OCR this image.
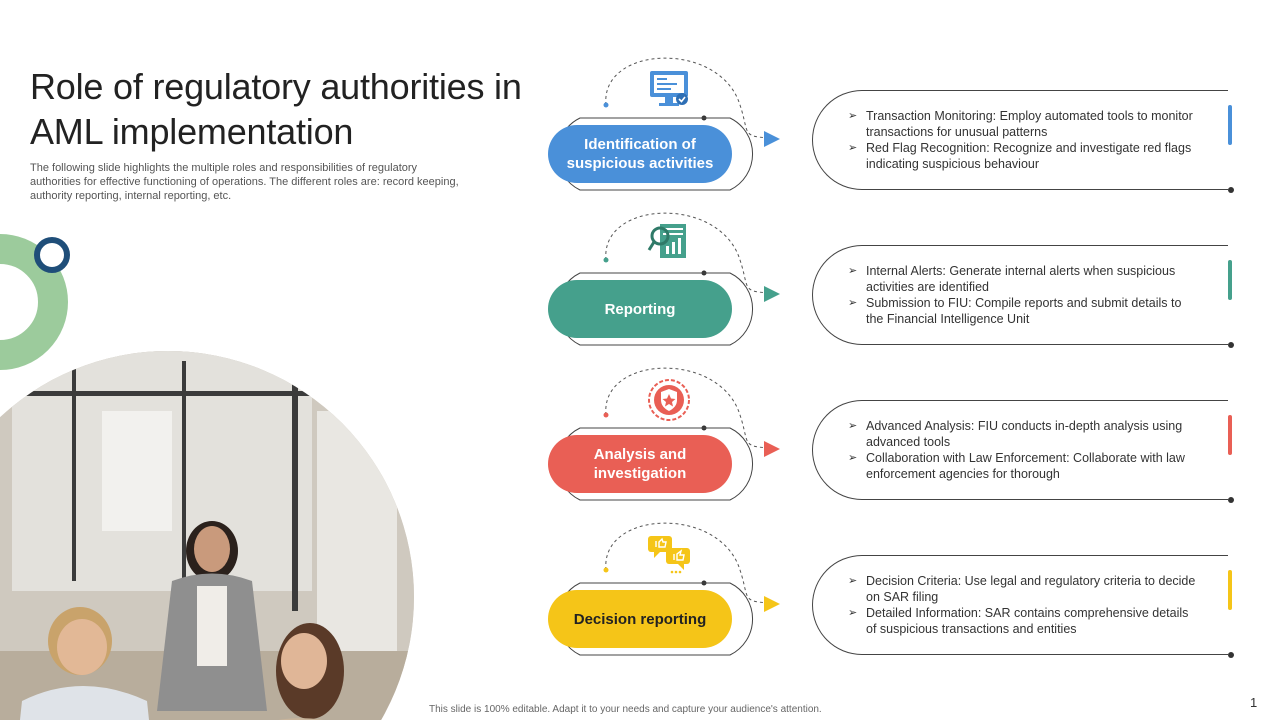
Role of regulatory authorities in AML implementation

The following slide highlights the multiple roles and responsibilities of regulatory authorities for effective functioning of operations. The different roles are: record keeping, authority reporting, internal reporting, etc.

Identification of suspicious activities
➢ Transaction Monitoring: Employ automated tools to monitor transactions for unusual patterns
➢ Red Flag Recognition: Recognize and investigate red flags indicating suspicious behaviour
Reporting
➢ Internal Alerts: Generate internal alerts when suspicious activities are identified
➢ Submission to FIU: Compile reports and submit details to the Financial Intelligence Unit
Analysis and investigation
➢ Advanced Analysis: FIU conducts in-depth analysis using advanced tools
➢ Collaboration with Law Enforcement: Collaborate with law enforcement agencies for thorough
Decision reporting
➢ Decision Criteria: Use legal and regulatory criteria to decide on SAR filing
➢ Detailed Information: SAR contains comprehensive details of suspicious transactions and entities
This slide is 100% editable. Adapt it to your needs and capture your audience's attention.	1
